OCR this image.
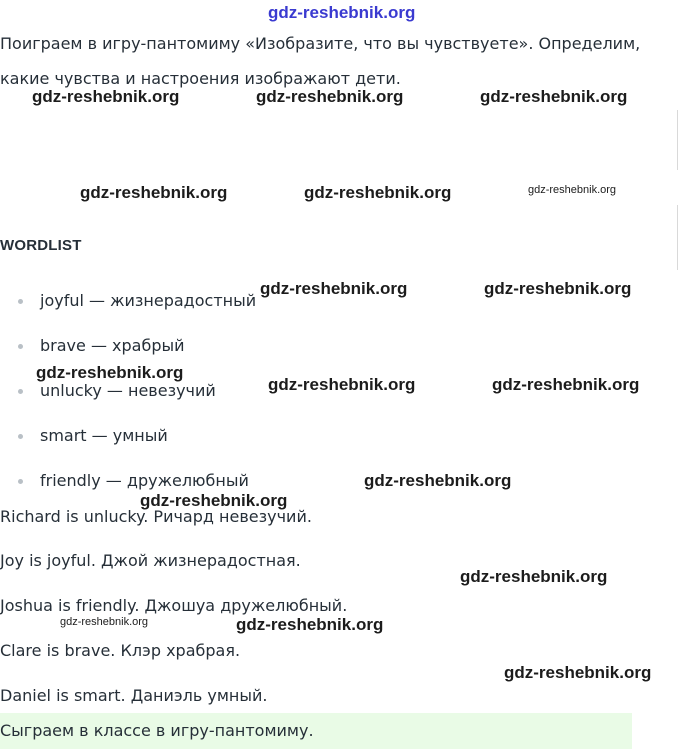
Поиграем в игру-пантомиму «Изобразите, что вы чувствуете». Определим,

какие чувства и настроения изображают дети.

WORDLIST
joyful — жизнерадостный
brave — храбрый
unlucky — невезучий
smart — умный
friendly — дружелюбный

Richard is unlucky. Ричард невезучий.

Joy is joyful. Джой жизнерадостная.

Joshua is friendly. Джошуа дружелюбный.

Clare is brave. Клэр храбрая.

Daniel is smart. Даниэль умный.

Сыграем в классе в игру-пантомиму.
gdz-reshebnik.org
gdz-reshebnik.org	gdz-reshebnik.org	gdz-reshebnik.org
gdz-reshebnik.org	gdz-reshebnik.org	gdz-reshebnik.org
gdz-reshebnik.org	gdz-reshebnik.org
gdz-reshebnik.org
gdz-reshebnik.org	gdz-reshebnik.org
gdz-reshebnik.org
gdz-reshebnik.org
gdz-reshebnik.org
gdz-reshebnik.org	gdz-reshebnik.org
gdz-reshebnik.org
